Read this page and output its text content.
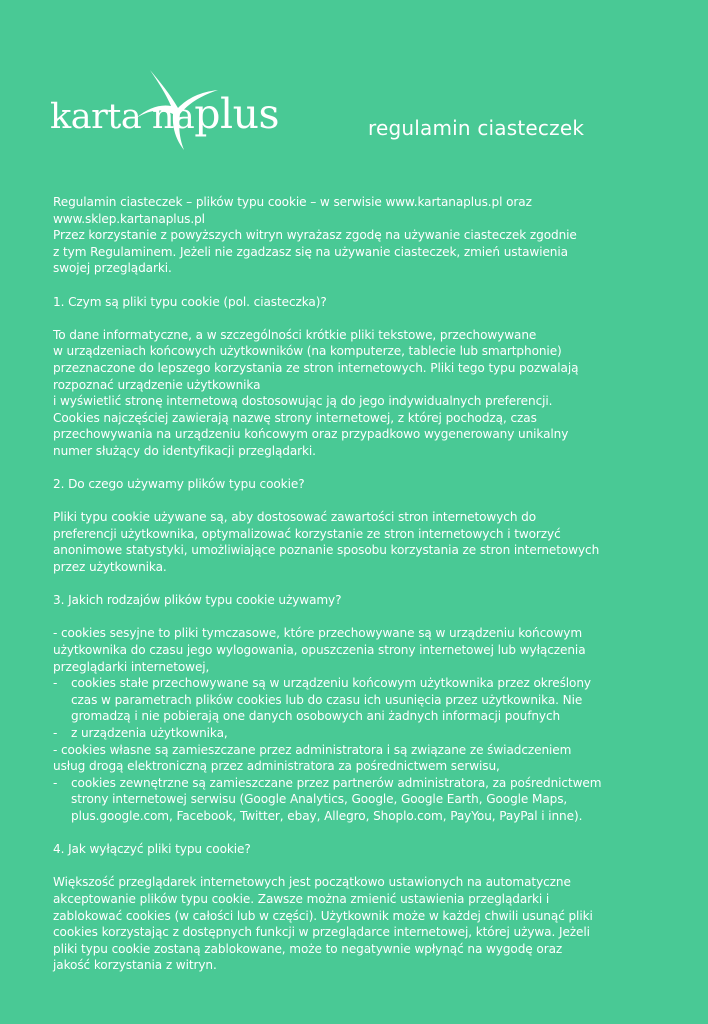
karta naplus	regulamin ciasteczek

Regulamin ciasteczek – plików typu cookie – w serwisie www.kartanaplus.pl oraz

www.sklep.kartanaplus.pl

Przez korzystanie z powyższych witryn wyrażasz zgodę na używanie ciasteczek zgodnie

z tym Regulaminem. Jeżeli nie zgadzasz się na używanie ciasteczek, zmień ustawienia

swojej przeglądarki.

1. Czym są pliki typu cookie (pol. ciasteczka)?

To dane informatyczne, a w szczególności krótkie pliki tekstowe, przechowywane

w urządzeniach końcowych użytkowników (na komputerze, tablecie lub smartphonie)

przeznaczone do lepszego korzystania ze stron internetowych. Pliki tego typu pozwalają

rozpoznać urządzenie użytkownika

i wyświetlić stronę internetową dostosowując ją do jego indywidualnych preferencji.

Cookies najczęściej zawierają nazwę strony internetowej, z której pochodzą, czas

przechowywania na urządzeniu końcowym oraz przypadkowo wygenerowany unikalny

numer służący do identyfikacji przeglądarki.

2. Do czego używamy plików typu cookie?

Pliki typu cookie używane są, aby dostosować zawartości stron internetowych do

preferencji użytkownika, optymalizować korzystanie ze stron internetowych i tworzyć

anonimowe statystyki, umożliwiające poznanie sposobu korzystania ze stron internetowych

przez użytkownika.

3. Jakich rodzajów plików typu cookie używamy?

- cookies sesyjne to pliki tymczasowe, które przechowywane są w urządzeniu końcowym

użytkownika do czasu jego wylogowania, opuszczenia strony internetowej lub wyłączenia

przeglądarki internetowej,

-	cookies stałe przechowywane są w urządzeniu końcowym użytkownika przez określony

czas w parametrach plików cookies lub do czasu ich usunięcia przez użytkownika. Nie

gromadzą i nie pobierają one danych osobowych ani żadnych informacji poufnych

-	z urządzenia użytkownika,

- cookies własne są zamieszczane przez administratora i są związane ze świadczeniem

usług drogą elektroniczną przez administratora za pośrednictwem serwisu,

-	cookies zewnętrzne są zamieszczane przez partnerów administratora, za pośrednictwem

strony internetowej serwisu (Google Analytics, Google, Google Earth, Google Maps,

plus.google.com, Facebook, Twitter, ebay, Allegro, Shoplo.com, PayYou, PayPal i inne).

4. Jak wyłączyć pliki typu cookie?

Większość przeglądarek internetowych jest początkowo ustawionych na automatyczne

akceptowanie plików typu cookie. Zawsze można zmienić ustawienia przeglądarki i

zablokować cookies (w całości lub w części). Użytkownik może w każdej chwili usunąć pliki

cookies korzystając z dostępnych funkcji w przeglądarce internetowej, której używa. Jeżeli

pliki typu cookie zostaną zablokowane, może to negatywnie wpłynąć na wygodę oraz

jakość korzystania z witryn.
